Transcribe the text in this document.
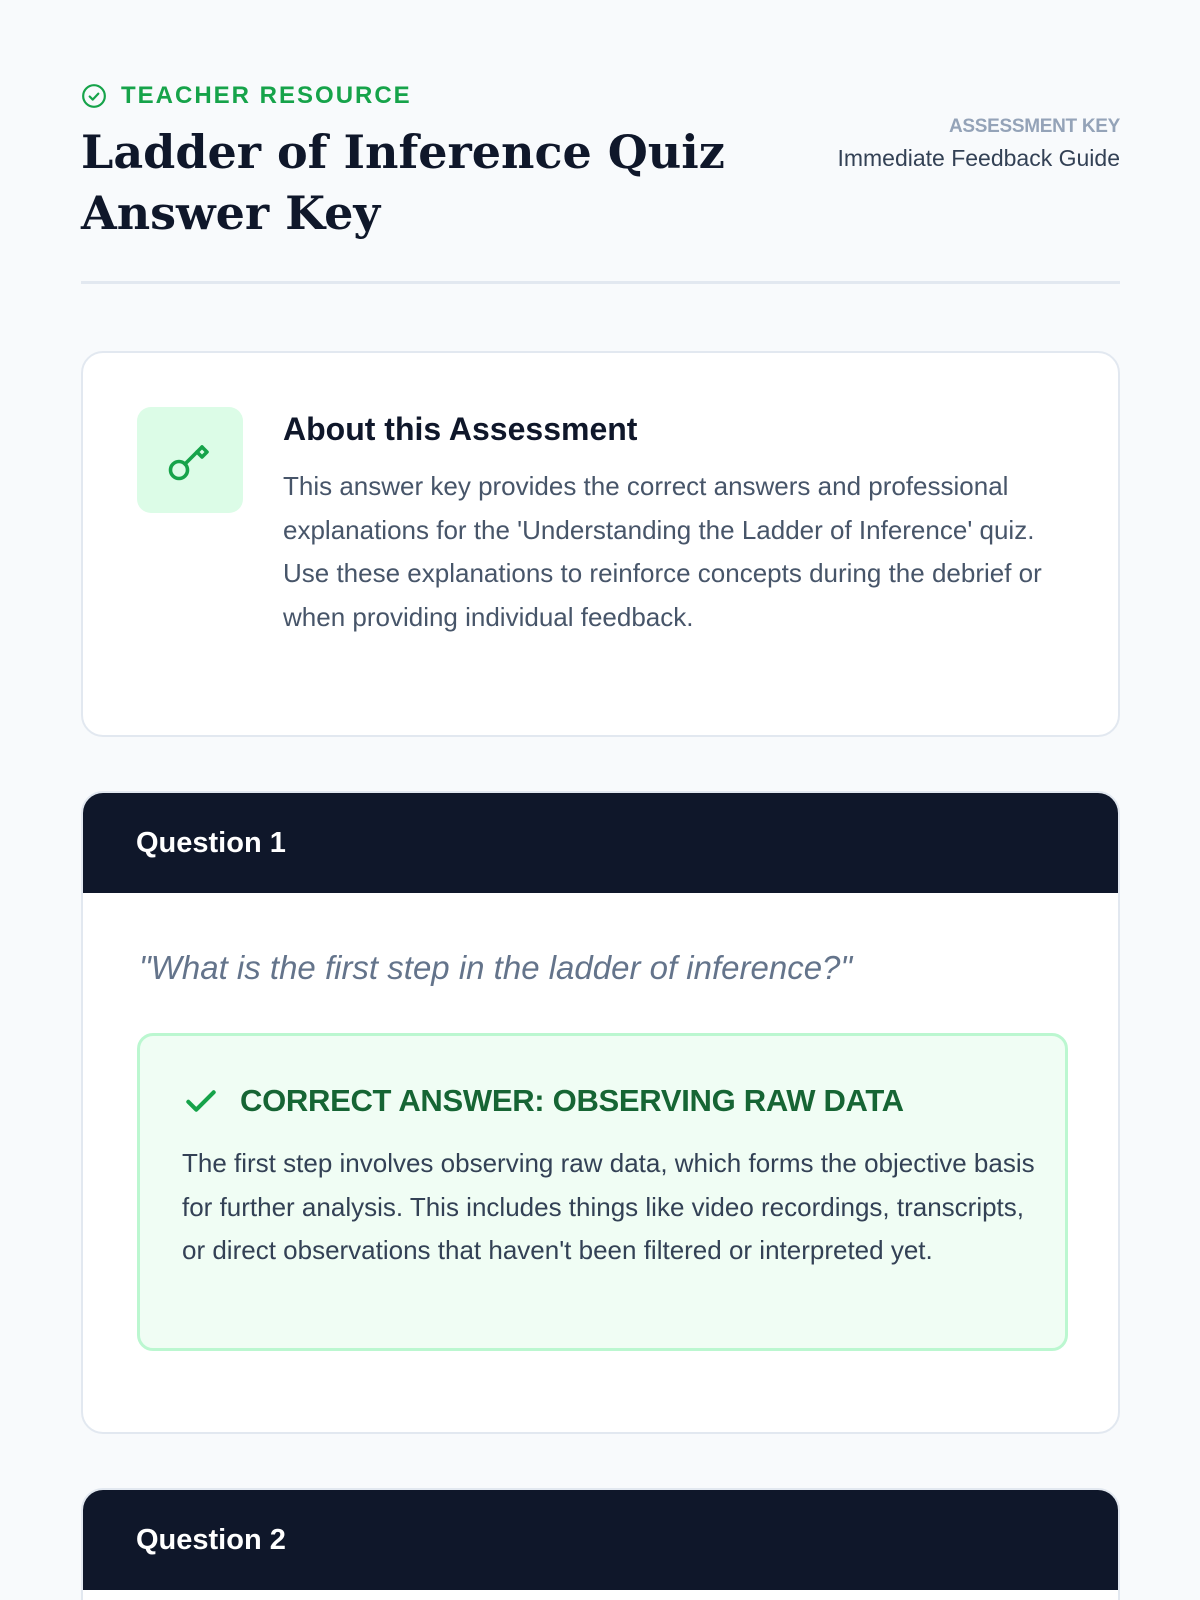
TEACHER RESOURCE
Ladder of Inference Quiz Answer Key
ASSESSMENT KEY
Immediate Feedback Guide
About this Assessment

This answer key provides the correct answers and professional explanations for the 'Understanding the Ladder of Inference' quiz. Use these explanations to reinforce concepts during the debrief or when providing individual feedback.

Question 1

"What is the first step in the ladder of inference?"

CORRECT ANSWER: OBSERVING RAW DATA

The first step involves observing raw data, which forms the objective basis for further analysis. This includes things like video recordings, transcripts, or direct observations that haven't been filtered or interpreted yet.

Question 2
